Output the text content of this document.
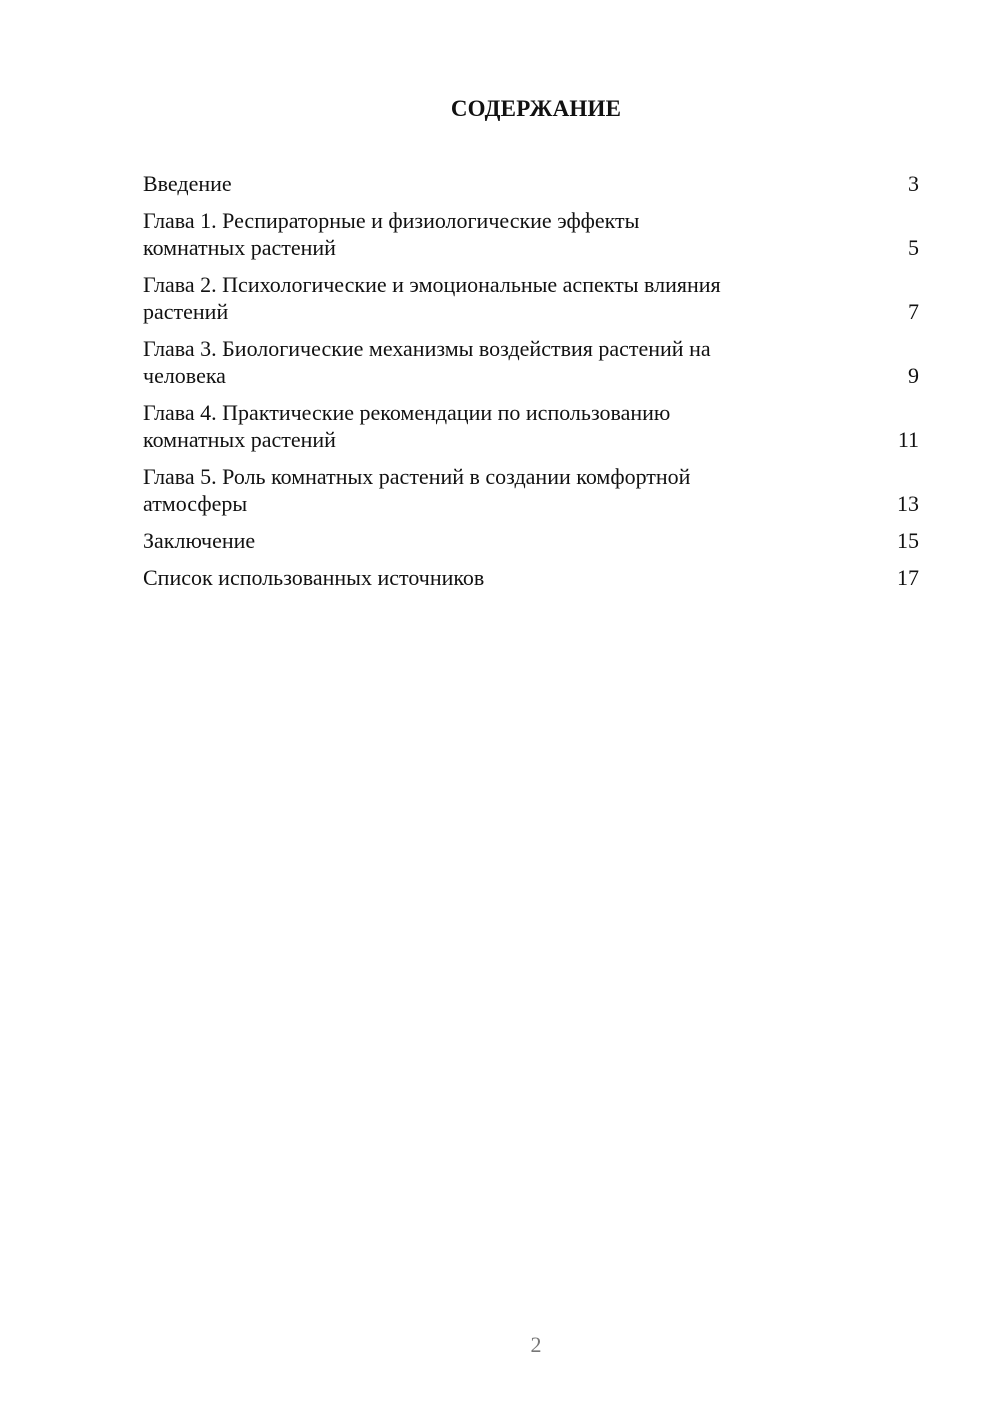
СОДЕРЖАНИЕ
Введение	3
Глава 1. Респираторные и физиологические эффекты
комнатных растений	5
Глава 2. Психологические и эмоциональные аспекты влияния
растений	7
Глава 3. Биологические механизмы воздействия растений на
человека	9
Глава 4. Практические рекомендации по использованию
комнатных растений	11
Глава 5. Роль комнатных растений в создании комфортной
атмосферы	13
Заключение	15
Список использованных источников	17
2
